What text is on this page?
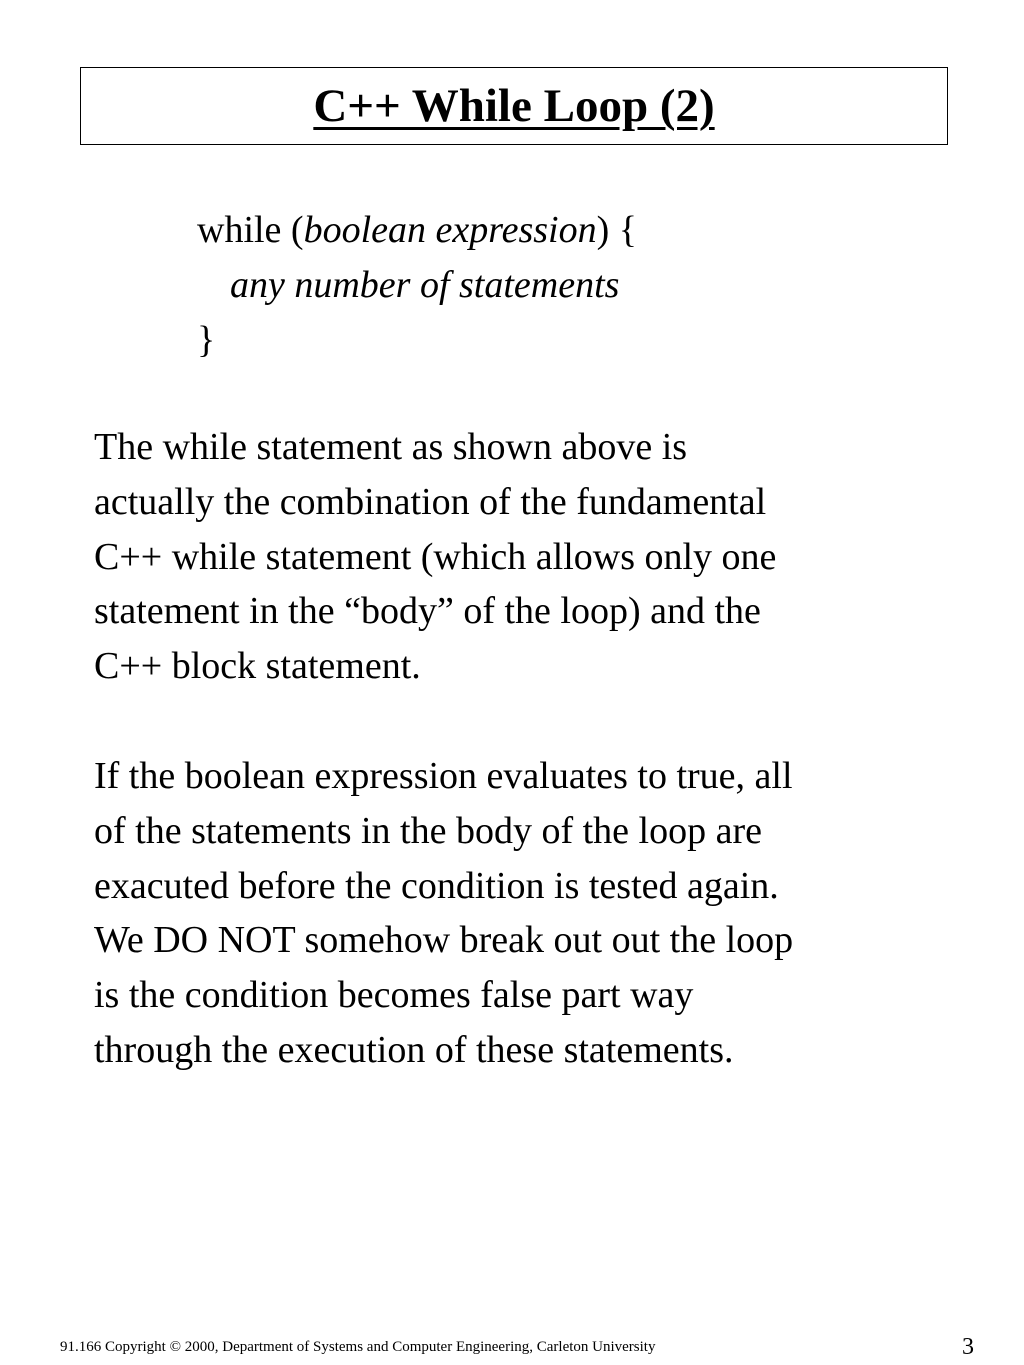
C++ While Loop (2)
while (boolean expression) {
any number of statements
}
The while statement as shown above is
actually the combination of the fundamental
C++ while statement (which allows only one
statement in the “body” of the loop) and the
C++ block statement.
If the boolean expression evaluates to true, all
of the statements in the body of the loop are
exacuted before the condition is tested again.
We DO NOT somehow break out out the loop
is the condition becomes false part way
through the execution of these statements.
91.166 Copyright © 2000, Department of Systems and Computer Engineering, Carleton University	3
